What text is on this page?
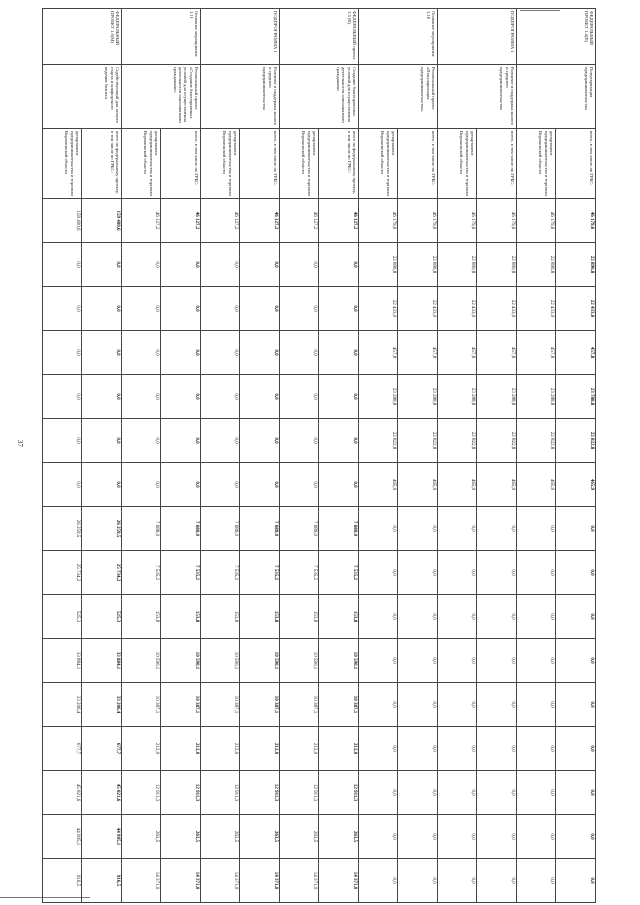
37
ФЕДЕРАЛЬНЫЙ ПРОЕКТ 1.4(П)	Популяризация предпринимательства	всего, в том числе по ГРБС:	46 179,6	22 896,8	22 433,0	457,8	23 788,8	22 822,8	465,9	0,0	0,0	0,0	0,0	0,0	0,0	0,0	0,0	0,0
		департамент предпринимательства и торговли Воронежской области	46 179,6	22 896,8	22 433,0	457,8	23 288,8	22 822,8	465,9	0,0	0,0	0,0	0,0	0,0	0,0	0,0	0,0	0,0
ПОДПРОГРАММА 1	Развитие и поддержка малого и среднего предпринимательства	всего, в том числе по ГРБС:	46 179,6	22 890,8	22 433,0	457,8	23 288,8	22 822,8	465,9	0,0	0,0	0,0	0,0	0,0	0,0	0,0	0,0	0,0
		департамент предпринимательства и торговли Воронежской области	46 179,6	22 890,8	22 433,0	457,8	23 288,8	22 822,8	465,9	0,0	0,0	0,0	0,0	0,0	0,0	0,0	0,0	0,0
Основное мероприятие 1.10	Региональный проект «Популяризация предпринимательства»	всего, в том числе по ГРБС:	46 179,6	22 896,8	22 433,0	457,8	23 288,8	22 822,8	465,9	0,0	0,0	0,0	0,0	0,0	0,0	0,0	0,0	0,0
		департамент предпринимательства и торговли Воронежской области	46 179,6	22 896,8	22 433,0	457,8	23 288,8	22 822,8	465,9	0,0	0,0	0,0	0,0	0,0	0,0	0,0	0,0	0,0
ФЕДЕРАЛЬНЫЙ проект 1.5 (П)	Создание благоприятных условий для осуществления деятельности самозанятыми гражданами	всего по федеральному проекту, в том числе по ГРБС:	46 127,2	0,0	0,0	0,0	0,0	0,0	0,0	7 680,0	7 535,2	153,8	10 590,1	10 387,1	212,0	12 911,3	263,5	14 371,0
		департамент предпринимательства и торговли Воронежской области	46 127,2	0,0	0,0	0,0	0,0	0,0	0,0	7 689,0	7 535,2	153,8	10 590,1	10 387,1	212,0	12 911,3	263,5	14 371,0
ПОДПРОГРАММА 1	Развитие и поддержка малого и среднего предпринимательства	всего, в том числе по ГРБС:	46 127,2	0,0	0,0	0,0	0,0	0,0	0,0	7 689,0	7 535,2	153,8	10 590,1	10 387,1	212,0	12 911,3	263,5	14 371,0
		департамент предпринимательства и торговли Воронежской области	46 127,2	0,0	0,0	0,0	0,0	0,0	0,0	7 689,0	7 535,2	153,8	10 590,1	10 387,1	212,0	12 911,3	263,5	14 371,0
Основное мероприятие 1.11	Региональный проект «Создание благоприятных условий для осуществления деятельности самозанятыми гражданами»	всего, в том числе по ГРБС:	46 127,2	0,0	0,0	0,0	0,0	0,0	0,0	7 680,0	7 535,2	153,8	10 590,1	10 387,1	212,0	12 911,3	263,5	14 371,0
		департамент предпринимательства и торговли Воронежской области	46 127,2	0,0	0,0	0,0	0,0	0,0	0,0	7 688,0	7 535,2	153,8	10 590,1	10 387,1	212,0	12 911,3	263,5	14 371,0
ФЕДЕРАЛЬНЫЙ ПРОЕКТ 1.6(М)	Содействующий для легкого старта и комфортного ведения бизнеса	всего по федеральному проекту, в том числе по ГРБС:	159 400,6	0,0	0,0	0,0	0,0	0,0	0,0	26 259,5	25 734,2	525,3	33 884,1	33 206,4	677,7	45 821,6	44 905,1	916,5
		департамент предпринимательства и торговли Воронежской области	159 400,6	0,0	0,0	0,0	0,0	0,0	0,0	26 259,5	25 734,2	525,3	33 884,1	33 206,4	677,7	45 821,6	44 905,1	916,5
